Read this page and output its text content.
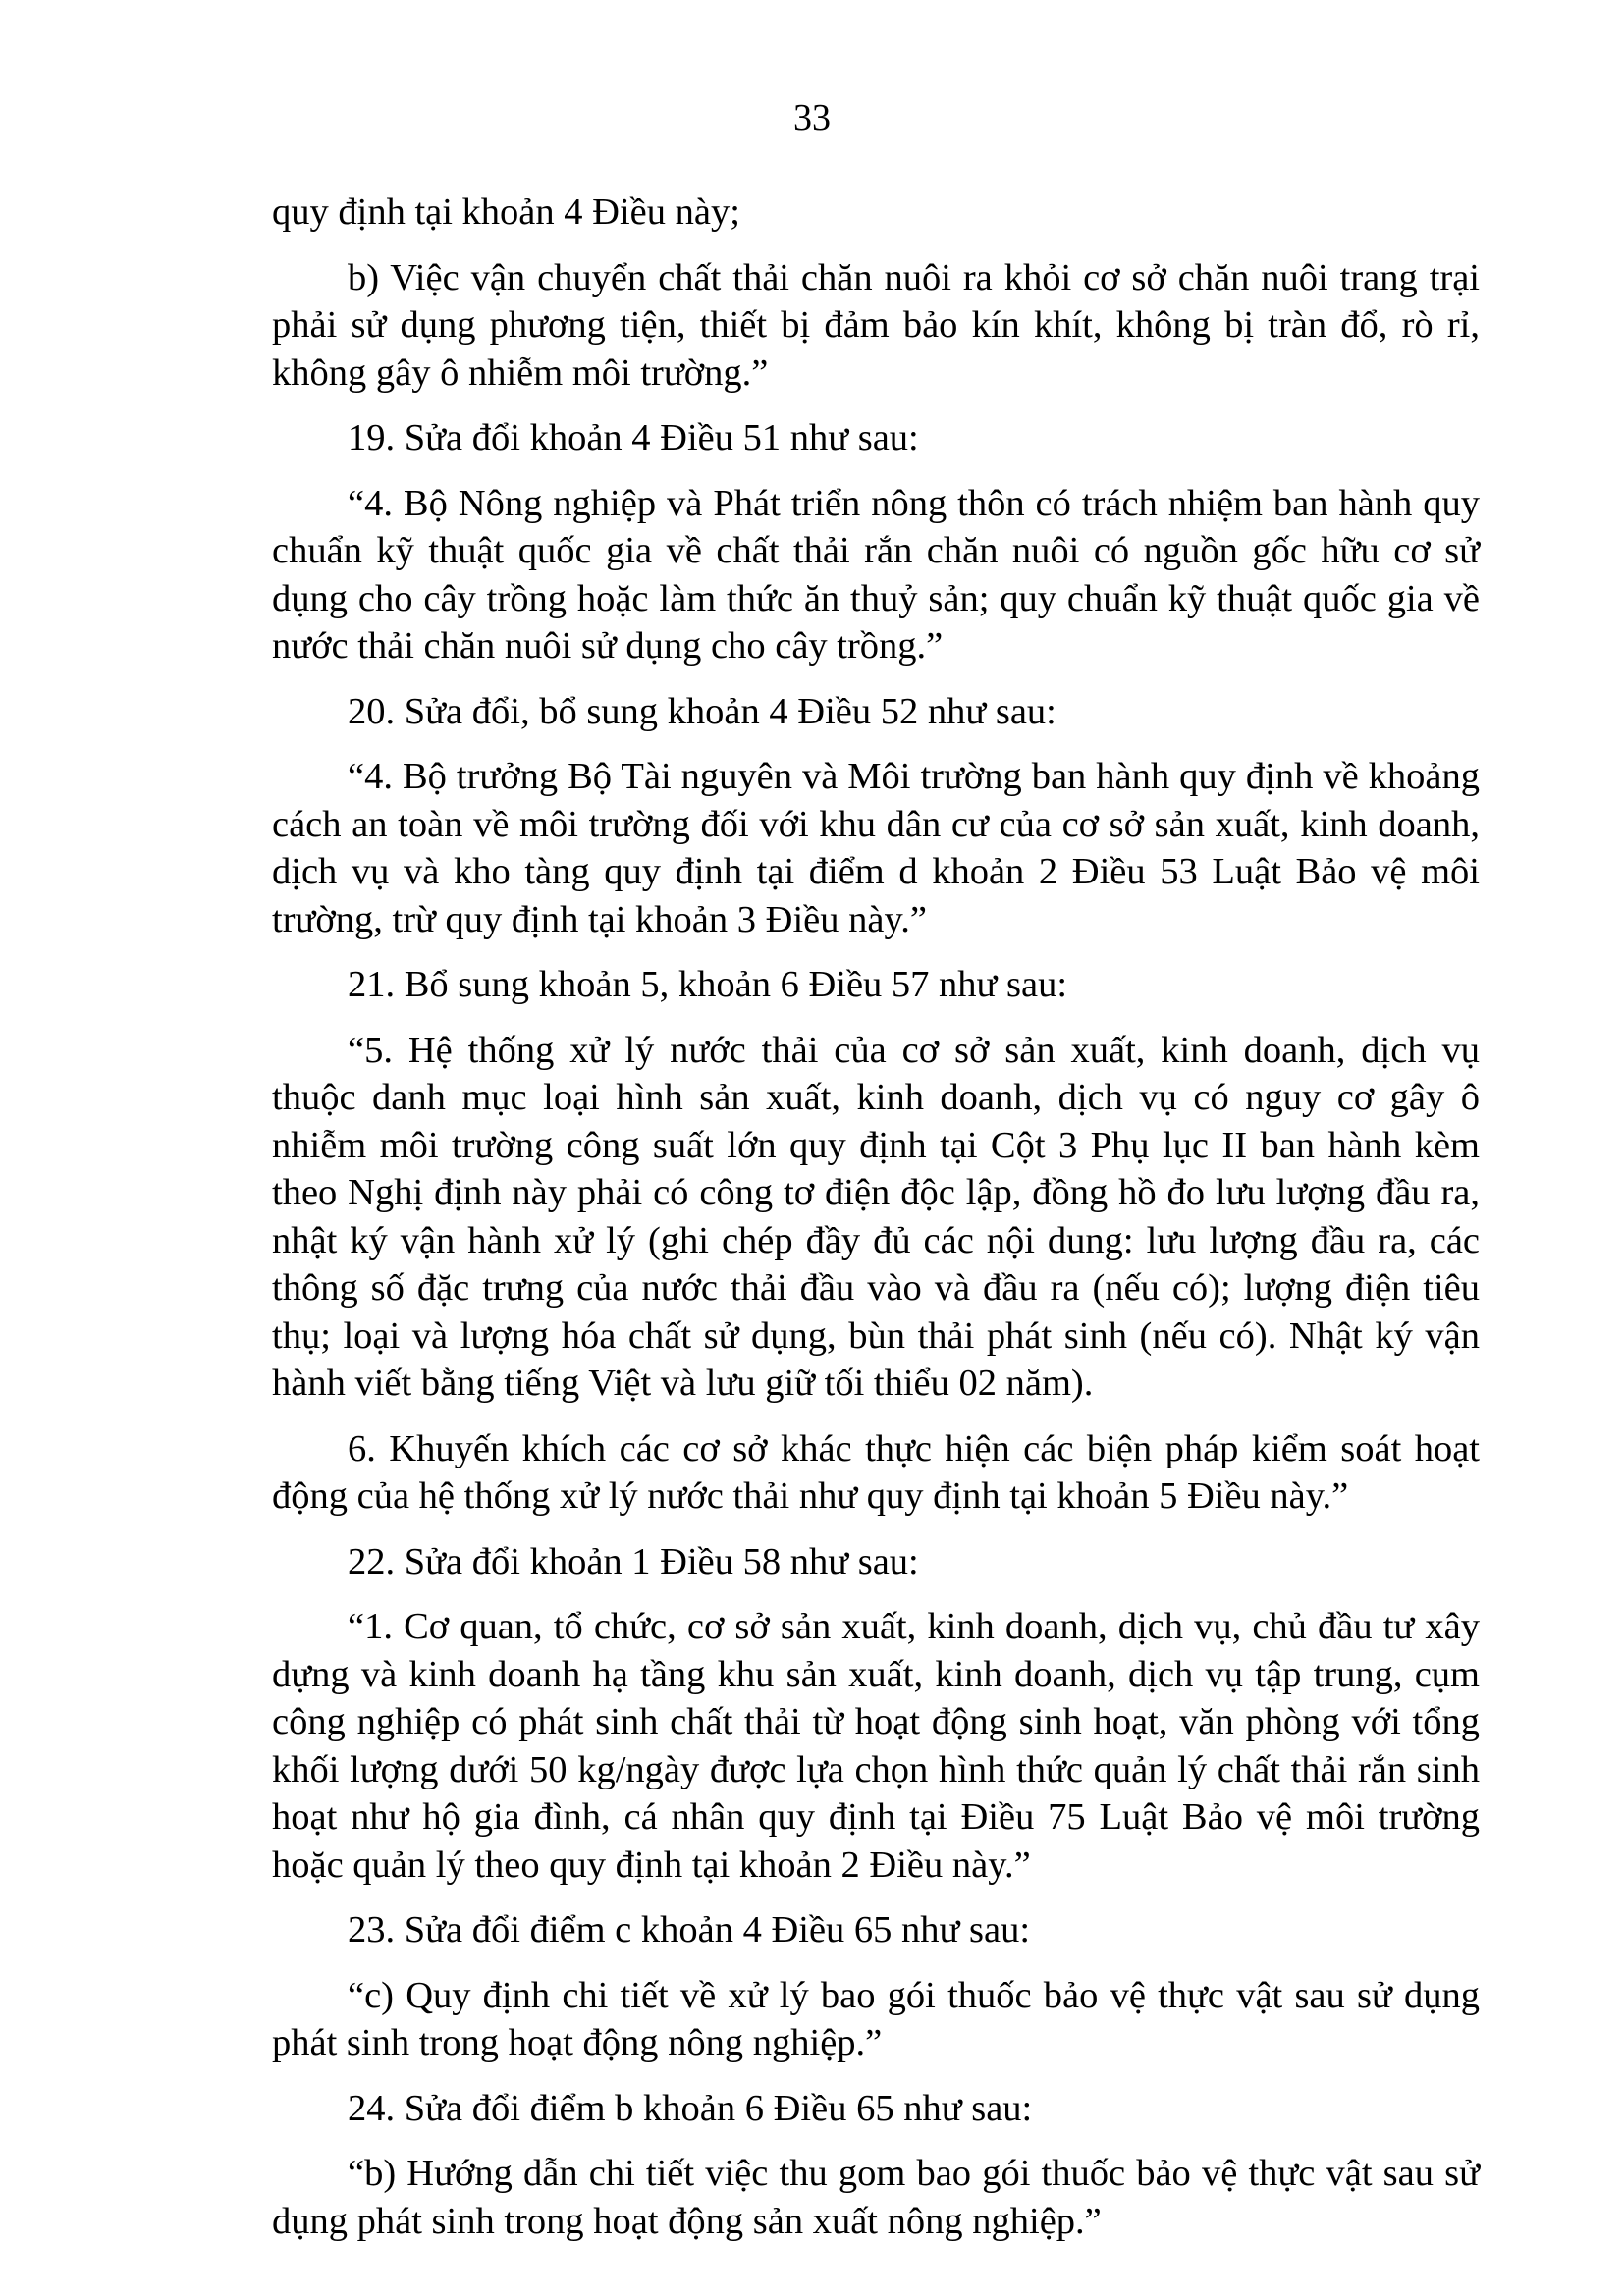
33

quy định tại khoản 4 Điều này;

b) Việc vận chuyển chất thải chăn nuôi ra khỏi cơ sở chăn nuôi trang trại phải sử dụng phương tiện, thiết bị đảm bảo kín khít, không bị tràn đổ, rò rỉ, không gây ô nhiễm môi trường.”

19. Sửa đổi khoản 4 Điều 51 như sau:

“4. Bộ Nông nghiệp và Phát triển nông thôn có trách nhiệm ban hành quy chuẩn kỹ thuật quốc gia về chất thải rắn chăn nuôi có nguồn gốc hữu cơ sử dụng cho cây trồng hoặc làm thức ăn thuỷ sản; quy chuẩn kỹ thuật quốc gia về nước thải chăn nuôi sử dụng cho cây trồng.”

20. Sửa đổi, bổ sung khoản 4 Điều 52 như sau:

“4. Bộ trưởng Bộ Tài nguyên và Môi trường ban hành quy định về khoảng cách an toàn về môi trường đối với khu dân cư của cơ sở sản xuất, kinh doanh, dịch vụ và kho tàng quy định tại điểm d khoản 2 Điều 53 Luật Bảo vệ môi trường, trừ quy định tại khoản 3 Điều này.”

21. Bổ sung khoản 5, khoản 6 Điều 57 như sau:

“5. Hệ thống xử lý nước thải của cơ sở sản xuất, kinh doanh, dịch vụ thuộc danh mục loại hình sản xuất, kinh doanh, dịch vụ có nguy cơ gây ô nhiễm môi trường công suất lớn quy định tại Cột 3 Phụ lục II ban hành kèm theo Nghị định này phải có công tơ điện độc lập, đồng hồ đo lưu lượng đầu ra, nhật ký vận hành xử lý (ghi chép đầy đủ các nội dung: lưu lượng đầu ra, các thông số đặc trưng của nước thải đầu vào và đầu ra (nếu có); lượng điện tiêu thụ; loại và lượng hóa chất sử dụng, bùn thải phát sinh (nếu có). Nhật ký vận hành viết bằng tiếng Việt và lưu giữ tối thiểu 02 năm).

6. Khuyến khích các cơ sở khác thực hiện các biện pháp kiểm soát hoạt động của hệ thống xử lý nước thải như quy định tại khoản 5 Điều này.”

22. Sửa đổi khoản 1 Điều 58 như sau:

“1. Cơ quan, tổ chức, cơ sở sản xuất, kinh doanh, dịch vụ, chủ đầu tư xây dựng và kinh doanh hạ tầng khu sản xuất, kinh doanh, dịch vụ tập trung, cụm công nghiệp có phát sinh chất thải từ hoạt động sinh hoạt, văn phòng với tổng khối lượng dưới 50 kg/ngày được lựa chọn hình thức quản lý chất thải rắn sinh hoạt như hộ gia đình, cá nhân quy định tại Điều 75 Luật Bảo vệ môi trường hoặc quản lý theo quy định tại khoản 2 Điều này.”

23. Sửa đổi điểm c khoản 4 Điều 65 như sau:

“c) Quy định chi tiết về xử lý bao gói thuốc bảo vệ thực vật sau sử dụng phát sinh trong hoạt động nông nghiệp.”

24. Sửa đổi điểm b khoản 6 Điều 65 như sau:

“b) Hướng dẫn chi tiết việc thu gom bao gói thuốc bảo vệ thực vật sau sử dụng phát sinh trong hoạt động sản xuất nông nghiệp.”
